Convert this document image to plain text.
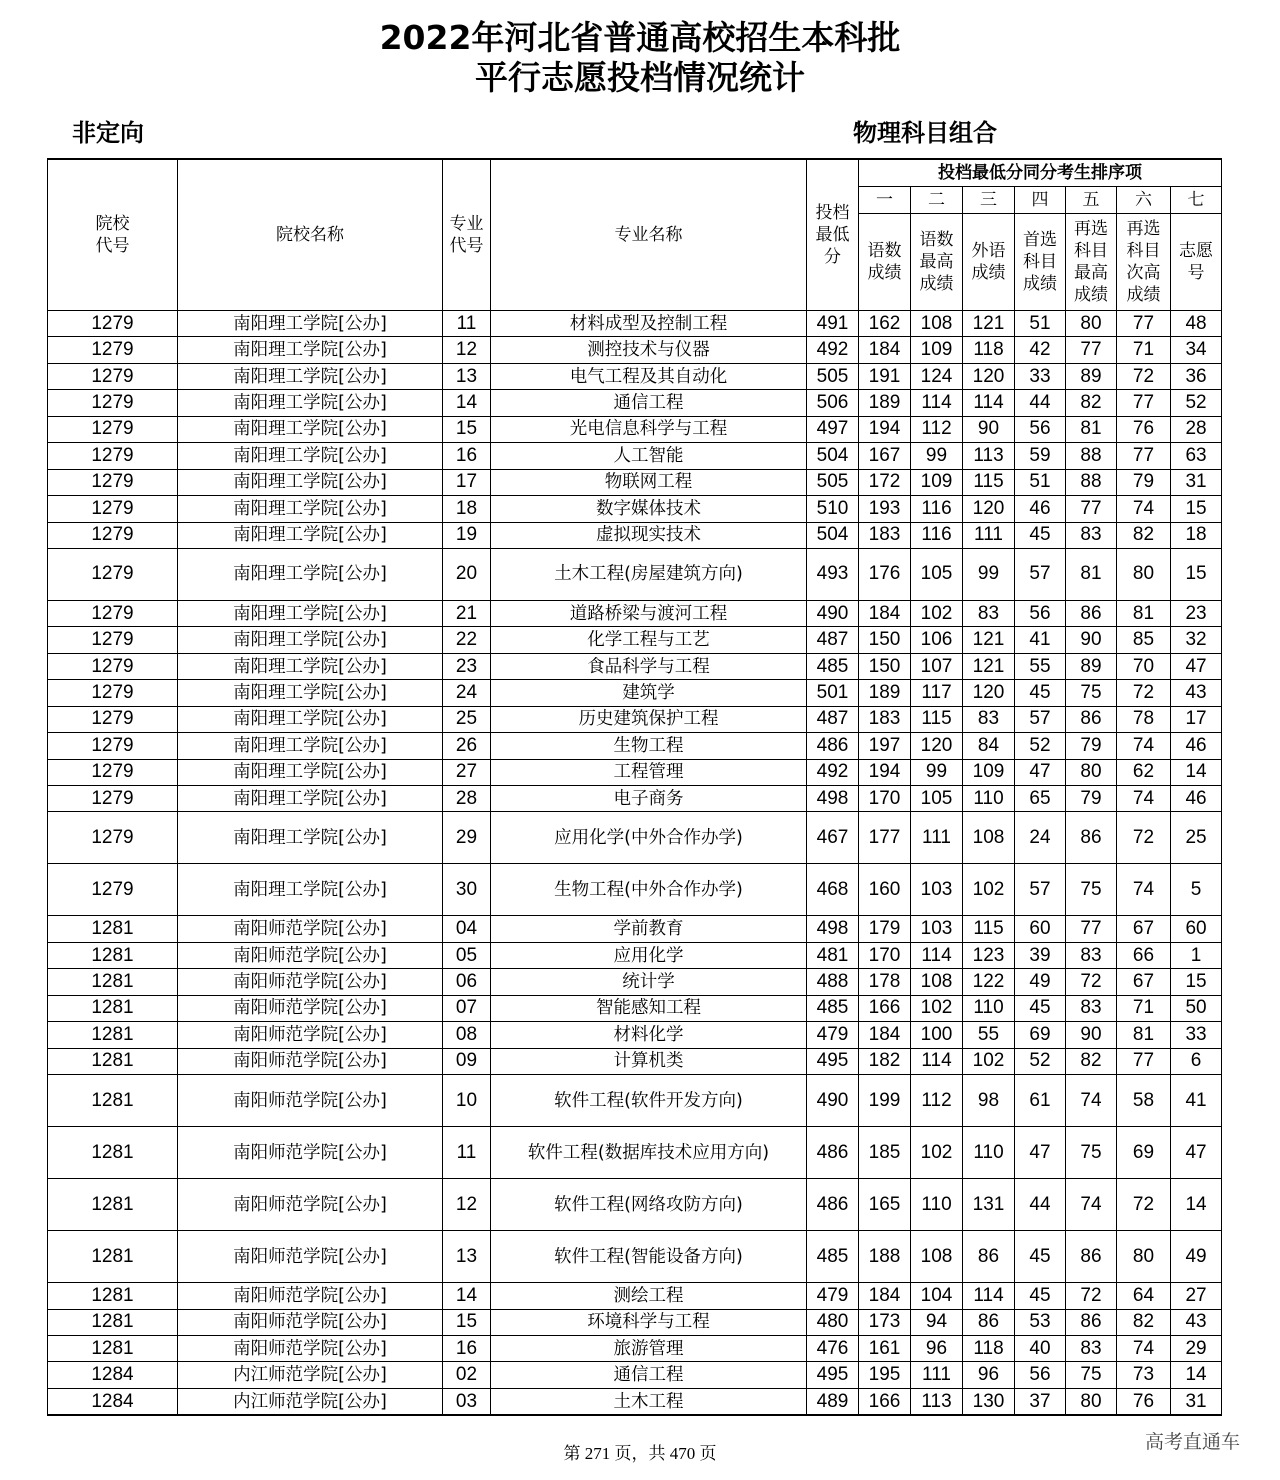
2022年河北省普通高校招生本科批
平行志愿投档情况统计
非定向	物理科目组合
院校代号	院校名称	专业代号	专业名称	投档最低分	投档最低分同分考生排序项						
					一	二	三	四	五	六	七

					语数成绩	语数最高成绩	外语成绩	首选科目成绩	再选科目最高成绩	再选科目次高成绩	志愿号

1279	南阳理工学院[公办]	11	材料成型及控制工程	491	162	108	121	51	80	77	48
1279	南阳理工学院[公办]	12	测控技术与仪器	492	184	109	118	42	77	71	34
1279	南阳理工学院[公办]	13	电气工程及其自动化	505	191	124	120	33	89	72	36
1279	南阳理工学院[公办]	14	通信工程	506	189	114	114	44	82	77	52
1279	南阳理工学院[公办]	15	光电信息科学与工程	497	194	112	90	56	81	76	28
1279	南阳理工学院[公办]	16	人工智能	504	167	99	113	59	88	77	63
1279	南阳理工学院[公办]	17	物联网工程	505	172	109	115	51	88	79	31
1279	南阳理工学院[公办]	18	数字媒体技术	510	193	116	120	46	77	74	15
1279	南阳理工学院[公办]	19	虚拟现实技术	504	183	116	111	45	83	82	18
1279	南阳理工学院[公办]	20	土木工程(房屋建筑方向)	493	176	105	99	57	81	80	15
1279	南阳理工学院[公办]	21	道路桥梁与渡河工程	490	184	102	83	56	86	81	23
1279	南阳理工学院[公办]	22	化学工程与工艺	487	150	106	121	41	90	85	32
1279	南阳理工学院[公办]	23	食品科学与工程	485	150	107	121	55	89	70	47
1279	南阳理工学院[公办]	24	建筑学	501	189	117	120	45	75	72	43
1279	南阳理工学院[公办]	25	历史建筑保护工程	487	183	115	83	57	86	78	17
1279	南阳理工学院[公办]	26	生物工程	486	197	120	84	52	79	74	46
1279	南阳理工学院[公办]	27	工程管理	492	194	99	109	47	80	62	14
1279	南阳理工学院[公办]	28	电子商务	498	170	105	110	65	79	74	46
1279	南阳理工学院[公办]	29	应用化学(中外合作办学)	467	177	111	108	24	86	72	25
1279	南阳理工学院[公办]	30	生物工程(中外合作办学)	468	160	103	102	57	75	74	5
1281	南阳师范学院[公办]	04	学前教育	498	179	103	115	60	77	67	60
1281	南阳师范学院[公办]	05	应用化学	481	170	114	123	39	83	66	1
1281	南阳师范学院[公办]	06	统计学	488	178	108	122	49	72	67	15
1281	南阳师范学院[公办]	07	智能感知工程	485	166	102	110	45	83	71	50
1281	南阳师范学院[公办]	08	材料化学	479	184	100	55	69	90	81	33
1281	南阳师范学院[公办]	09	计算机类	495	182	114	102	52	82	77	6
1281	南阳师范学院[公办]	10	软件工程(软件开发方向)	490	199	112	98	61	74	58	41
1281	南阳师范学院[公办]	11	软件工程(数据库技术应用方向)	486	185	102	110	47	75	69	47
1281	南阳师范学院[公办]	12	软件工程(网络攻防方向)	486	165	110	131	44	74	72	14
1281	南阳师范学院[公办]	13	软件工程(智能设备方向)	485	188	108	86	45	86	80	49
1281	南阳师范学院[公办]	14	测绘工程	479	184	104	114	45	72	64	27
1281	南阳师范学院[公办]	15	环境科学与工程	480	173	94	86	53	86	82	43
1281	南阳师范学院[公办]	16	旅游管理	476	161	96	118	40	83	74	29
1284	内江师范学院[公办]	02	通信工程	495	195	111	96	56	75	73	14
1284	内江师范学院[公办]	03	土木工程	489	166	113	130	37	80	76	31
第 271 页，共 470 页
高考直通车
